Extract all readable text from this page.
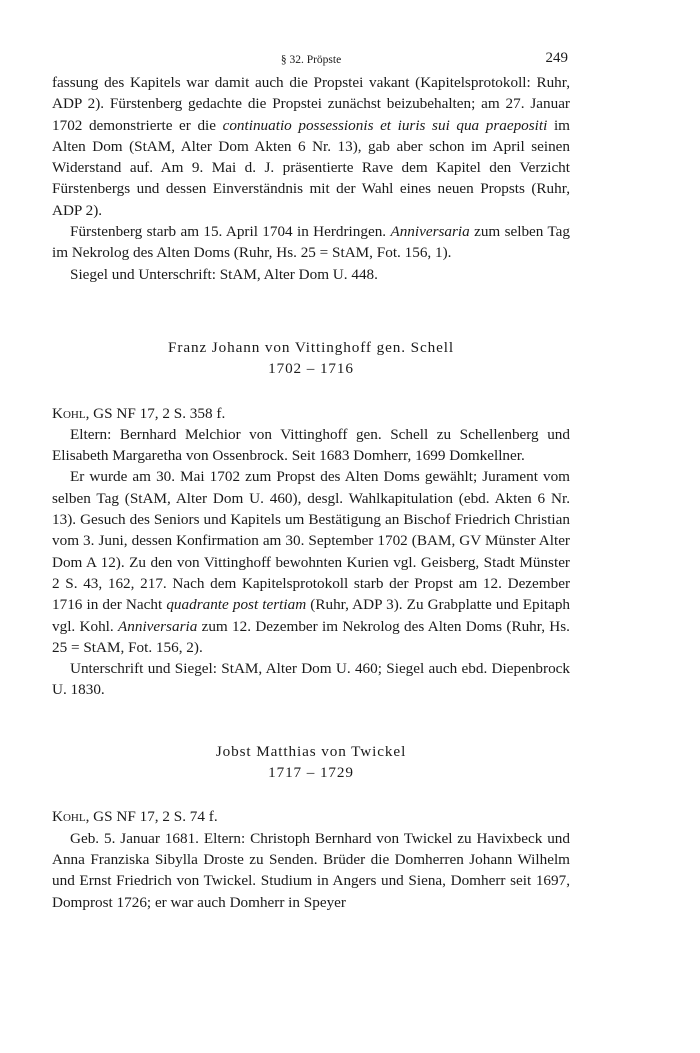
§ 32. Pröpste	249

fassung des Kapitels war damit auch die Propstei vakant (Kapitelsprotokoll: Ruhr, ADP 2). Fürstenberg gedachte die Propstei zunächst beizubehalten; am 27. Januar 1702 demonstrierte er die continuatio possessionis et iuris sui qua praepositi im Alten Dom (StAM, Alter Dom Akten 6 Nr. 13), gab aber schon im April seinen Widerstand auf. Am 9. Mai d. J. präsentierte Rave dem Kapitel den Verzicht Fürstenbergs und dessen Einverständnis mit der Wahl eines neuen Propsts (Ruhr, ADP 2).

Fürstenberg starb am 15. April 1704 in Herdringen. Anniversaria zum selben Tag im Nekrolog des Alten Doms (Ruhr, Hs. 25 = StAM, Fot. 156, 1).

Siegel und Unterschrift: StAM, Alter Dom U. 448.

Franz Johann von Vittinghoff gen. Schell

1702 – 1716

Kohl, GS NF 17, 2 S. 358 f.

Eltern: Bernhard Melchior von Vittinghoff gen. Schell zu Schellenberg und Elisabeth Margaretha von Ossenbrock. Seit 1683 Domherr, 1699 Domkellner.

Er wurde am 30. Mai 1702 zum Propst des Alten Doms gewählt; Jurament vom selben Tag (StAM, Alter Dom U. 460), desgl. Wahlkapitulation (ebd. Akten 6 Nr. 13). Gesuch des Seniors und Kapitels um Bestätigung an Bischof Friedrich Christian vom 3. Juni, dessen Konfirmation am 30. September 1702 (BAM, GV Münster Alter Dom A 12). Zu den von Vittinghoff bewohnten Kurien vgl. Geisberg, Stadt Münster 2 S. 43, 162, 217. Nach dem Kapitelsprotokoll starb der Propst am 12. Dezember 1716 in der Nacht quadrante post tertiam (Ruhr, ADP 3). Zu Grabplatte und Epitaph vgl. Kohl. Anniversaria zum 12. Dezember im Nekrolog des Alten Doms (Ruhr, Hs. 25 = StAM, Fot. 156, 2).

Unterschrift und Siegel: StAM, Alter Dom U. 460; Siegel auch ebd. Diepenbrock U. 1830.

Jobst Matthias von Twickel

1717 – 1729

Kohl, GS NF 17, 2 S. 74 f.

Geb. 5. Januar 1681. Eltern: Christoph Bernhard von Twickel zu Havixbeck und Anna Franziska Sibylla Droste zu Senden. Brüder die Domherren Johann Wilhelm und Ernst Friedrich von Twickel. Studium in Angers und Siena, Domherr seit 1697, Domprost 1726; er war auch Domherr in Speyer
